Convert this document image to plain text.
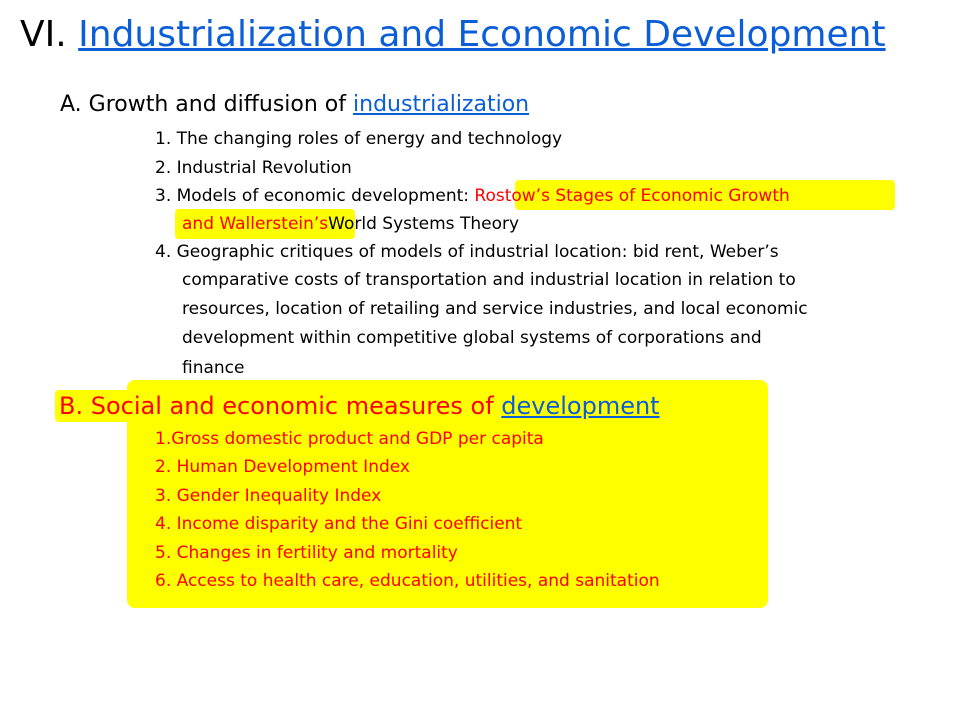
VI. Industrialization and Economic Development
A. Growth and diffusion of industrialization
1. The changing roles of energy and technology
2. Industrial Revolution
3. Models of economic development: Rostow’s Stages of Economic Growth
and Wallerstein’sWorld Systems Theory
4. Geographic critiques of models of industrial location: bid rent, Weber’s
comparative costs of transportation and industrial location in relation to
resources, location of retailing and service industries, and local economic
development within competitive global systems of corporations and
finance
B. Social and economic measures of development
1.Gross domestic product and GDP per capita
2. Human Development Index
3. Gender Inequality Index
4. Income disparity and the Gini coefficient
5. Changes in fertility and mortality
6. Access to health care, education, utilities, and sanitation
